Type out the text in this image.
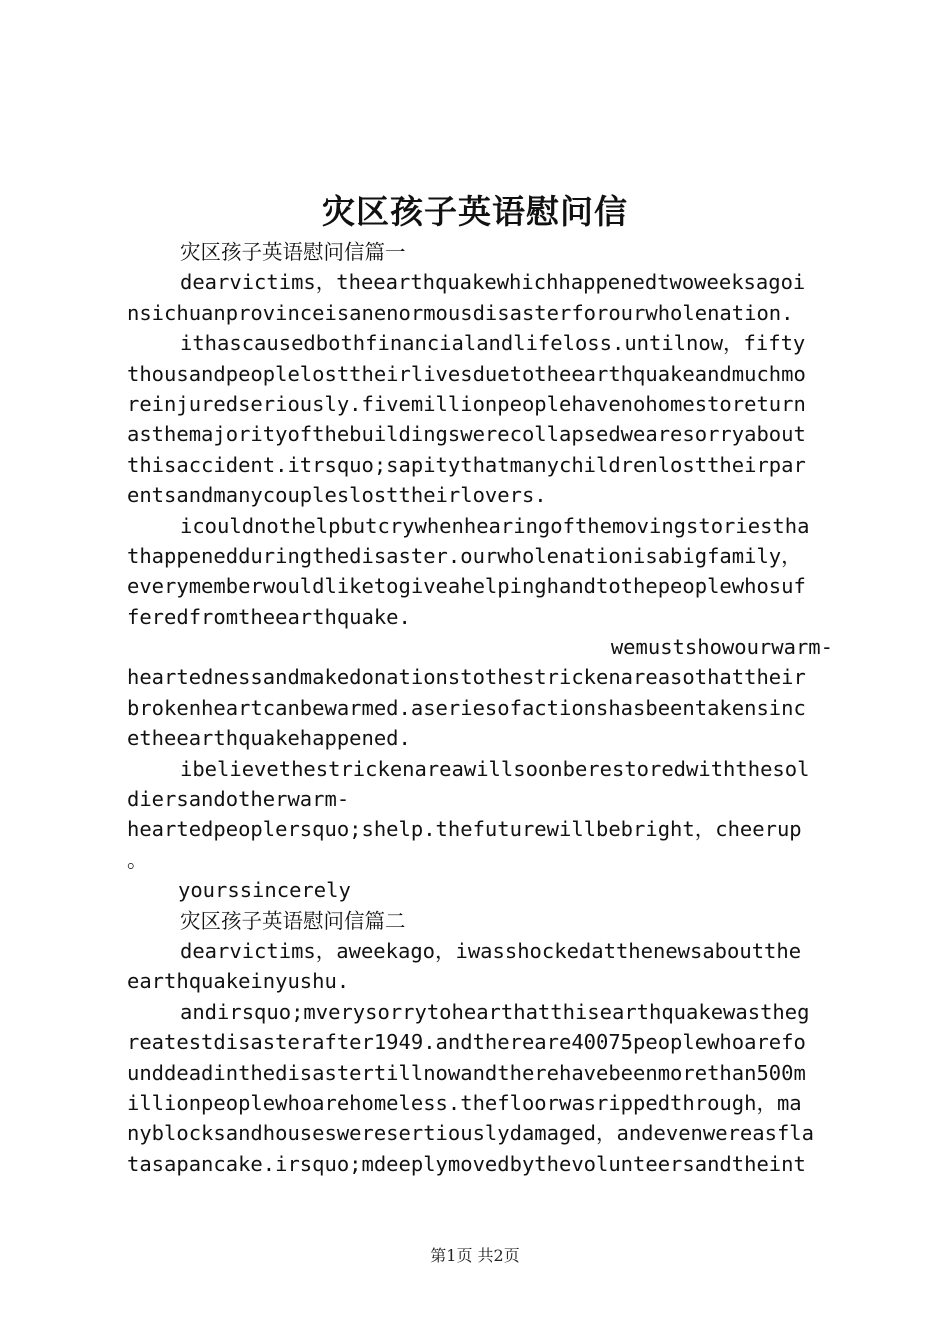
灾区孩子英语慰问信
灾区孩子英语慰问信篇一
dearvictims，theearthquakewhichhappenedtwoweeksagoi
nsichuanprovinceisanenormousdisasterforourwholenation.
ithascausedbothfinancialandlifeloss.untilnow，fifty
thousandpeoplelosttheirlivesduetotheearthquakeandmuchmo
reinjuredseriously.fivemillionpeoplehavenohomestoreturn
asthemajorityofthebuildingswerecollapsedwearesorryabout
thisaccident.itrsquo;sapitythatmanychildrenlosttheirpar
entsandmanycoupleslosttheirlovers.
icouldnothelpbutcrywhenhearingofthemovingstoriestha
thappenedduringthedisaster.ourwholenationisabigfamily，
everymemberwouldliketogiveahelpinghandtothepeoplewhosuf
feredfromtheearthquake.
wemustshowourwarm-
heartednessandmakedonationstothestrickenareasothattheir
brokenheartcanbewarmed.aseriesofactionshasbeentakensinc
etheearthquakehappened.
ibelievethestrickenareawillsoonberestoredwiththesol
diersandotherwarm-
heartedpeoplersquo;shelp.thefuturewillbebright，cheerup
。
yourssincerely
灾区孩子英语慰问信篇二
dearvictims，aweekago，iwasshockedatthenewsaboutthe
earthquakeinyushu.
andirsquo;mverysorrytohearthatthisearthquakewastheg
reatestdisasterafter1949.andthereare40075peoplewhoarefo
unddeadinthedisastertillnowandtherehavebeenmorethan500m
illionpeoplewhoarehomeless.thefloorwasrippedthrough，ma
nyblocksandhousesweresertiouslydamaged，andevenwereasfla
tasapancake.irsquo;mdeeplymovedbythevolunteersandtheint
第1页 共2页
